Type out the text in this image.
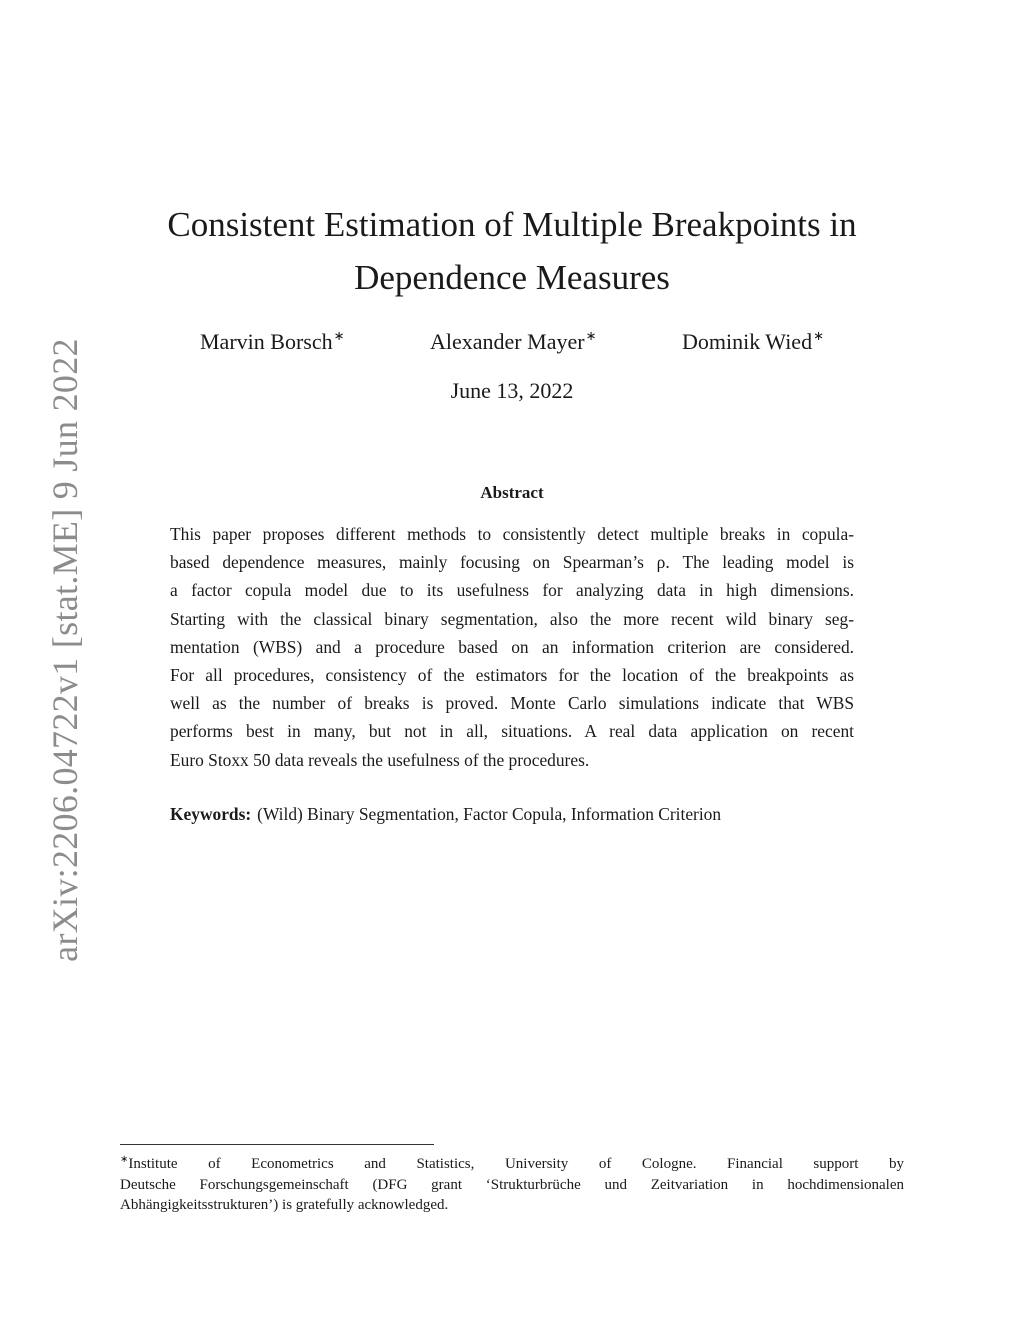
arXiv:2206.04722v1 [stat.ME] 9 Jun 2022
Consistent Estimation of Multiple Breakpoints in
Dependence Measures
Marvin Borsch∗	Alexander Mayer∗	Dominik Wied∗
June 13, 2022
Abstract
This paper proposes different methods to consistently detect multiple breaks in copula-
based dependence measures, mainly focusing on Spearman’s ρ. The leading model is
a factor copula model due to its usefulness for analyzing data in high dimensions.
Starting with the classical binary segmentation, also the more recent wild binary seg-
mentation (WBS) and a procedure based on an information criterion are considered.
For all procedures, consistency of the estimators for the location of the breakpoints as
well as the number of breaks is proved. Monte Carlo simulations indicate that WBS
performs best in many, but not in all, situations. A real data application on recent
Euro Stoxx 50 data reveals the usefulness of the procedures.
Keywords: (Wild) Binary Segmentation, Factor Copula, Information Criterion
∗Institute of Econometrics and Statistics, University of Cologne. Financial support by
Deutsche Forschungsgemeinschaft (DFG grant ‘Strukturbrüche und Zeitvariation in hochdimensionalen
Abhängigkeitsstrukturen’) is gratefully acknowledged.
